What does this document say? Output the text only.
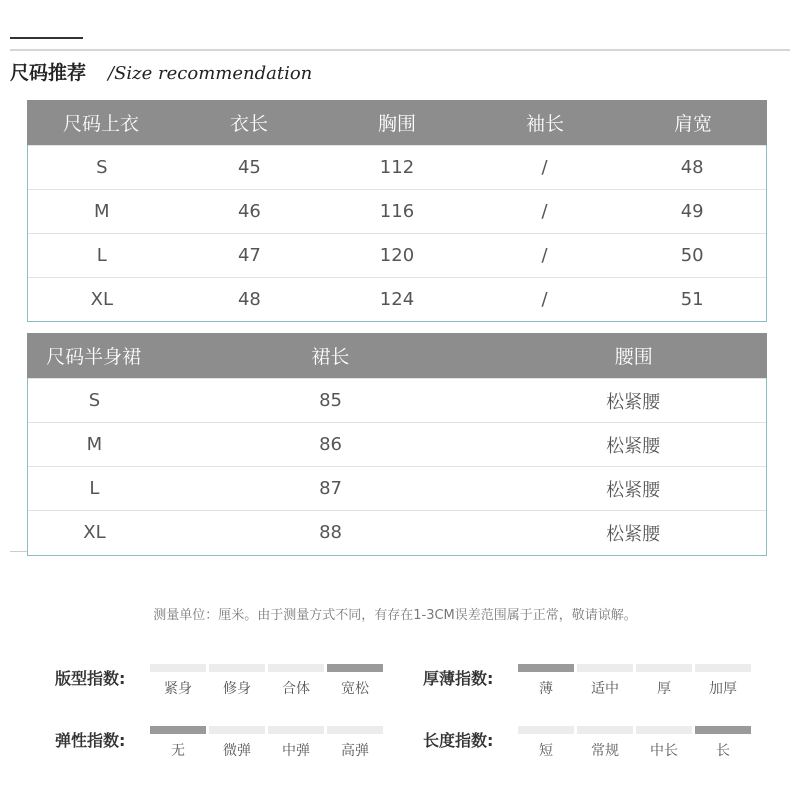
尺码推荐 /Size recommendation
尺码上衣	衣长	胸围	袖长	肩宽
S	45	112	/	48
M	46	116	/	49
L	47	120	/	50
XL	48	124	/	51
尺码半身裙	裙长	腰围
S	85	松紧腰
M	86	松紧腰
L	87	松紧腰
XL	88	松紧腰
测量单位：厘米。由于测量方式不同，有存在1-3CM误差范围属于正常，敬请谅解。
版型指数:
紧身	修身	合体	宽松
厚薄指数:
薄	适中	厚	加厚
弹性指数:
无	微弹	中弹	高弹
长度指数:
短	常规	中长	长
